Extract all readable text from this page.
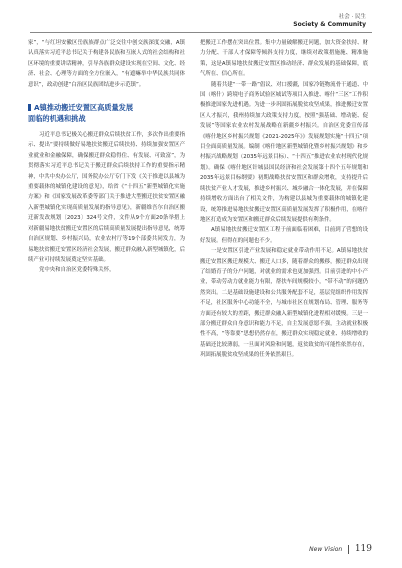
社会 · 民生
Society & Community

家”，“与红坦安徽区岳族族群点广泛交往中创交族深度交融，A镇认真落实习近平总书记关于构建各民族和互嵌人式的社会结构和社区环境的重要讲话精神，引导各族群众建设实现在空间、文化、经济、社会、心理等方面的全方位嵌入，“有遮嘛举中华民族共同体意识”，政动创建“白治区民族团结进步示范镇”。

A镇推动搬迁安置区高质量发展
面临的机遇和挑战

习近平总书记极关心搬迁群众后续扶贫工作，多次作出重要指示、提出“要持续做好易地扶贫搬迁后续扶持、持续加强安置区产业就业和金融保障，确保搬迁群众稳得住、有发展、可致富”，为贯彻落实习近平总书记关于搬迁群众后续扶持工作的重要指示精神，中共中央办公厅，国务院办公厅专门下发《关于推进以县城为重要载体的城镇化建设的意见》，给省《“十四五”新型城镇化实施方案》和《国家发展改革委等部门关于推进大型搬迁扶贫安置区融入新型城镇化实现高质量发展的指导意见》，新疆维吾尔自治区搬迁新发改规划〔2023〕324号文件，文件从9个方面20条举措上对新疆易地扶贫搬迁安置区的后续高质量发展提出指导意见，统筹自治区规划、乡村振兴局，农业农村厅等19个部委共同发力，为易地扶贫搬迁安置区经济社会发展，搬迁群众融入新型城镇化，后续产业可持续发展奠定坚实基础。

党中央和自治区党委特殊关怀，

把搬迁工作摆在突出位置。集中力量破解搬迁问题，加大资金扶持、财力分配、干部人才保障等倾斜支持力度，继续对政策措施施、精准施策，这是A镇易地扶贫搬迁安置区推动经济、群众发展的基础保障，底气所在、信心所在。

随着共建“一带一路”倡议、对口援疆，国家冷链物流骨干通道、中国（喀什）跨境电子商务试验区城试等项目入推进、喀什“三区”工作积极推进国家先进机遇。为进一步巩固拓展脱贫攻坚成果，推进搬迁安置区人才振兴，我州持续加大政策支持力度，按照“强基础、增动能、促发展”等国家农业农村发展战略在新疆乡村振兴。自治区党委宣传部《喀什地区乡村振兴规划《2021-2025年》》发展规划实施“十四五”项目全面高质量发展。编制《喀什地区新型城镇化暨乡村振兴规划》和乡村振兴战略规划（2035年远景目标）、“十四五”推进农业农村现代化规划》。确保《喀什地区针城县国民经济和社会发展第十四个五年规划和2035年远景目标纲要》初期战略扶贫安置区和群众增收，支持提升后续扶贫产业人才发展，推进乡村振兴、城乡融合一体化发展，并在保障持续增收方面出台了相关文件，为构建以县城为重要载体的城镇化建设，统筹推进易地扶贫搬迁安置区高质量发展发挥了积极作用，在喀什地区打造成为安置区和搬迁群众后续发展提供有利条件。

A镇易地扶贫搬迁安置区工程于前面临着困难，目前到了营想的设好发展。但得在的问题也不少。

一是安置区引进产业发展和稳定就业带动作用不足。A镇易地扶贫搬迁安置区搬迁规模大、搬迁人口多，随着群众的搬移，搬迁群众出现了结婚育子的分户问题，对就业的需求也更加强烈。目前引进的中小产业，带动劳动力就业能力有限，帮扶车间规模较小，“带不动”的问题仍然突出。二是基础设施建设和公共服务配套不足，基层党组织作用发挥不足，社区服务中心功能不全，与城市社区在规划布局、管理、服务等方面还有较大的差距，搬迁群众融入新型城镇化进程相对缓慢。三是一部分搬迁群众自身意识和能力不足，自主发展意愿不强，主动就业积极性不高，“等靠要”思想仍然存在，搬迁群众实现稳定就业、持续增收的基础还比较薄弱，一旦面对风险和问题，返贫致贫的可能性依然存在，巩固拓展脱贫攻坚成果的任务依然艰巨。

New Vision 119
